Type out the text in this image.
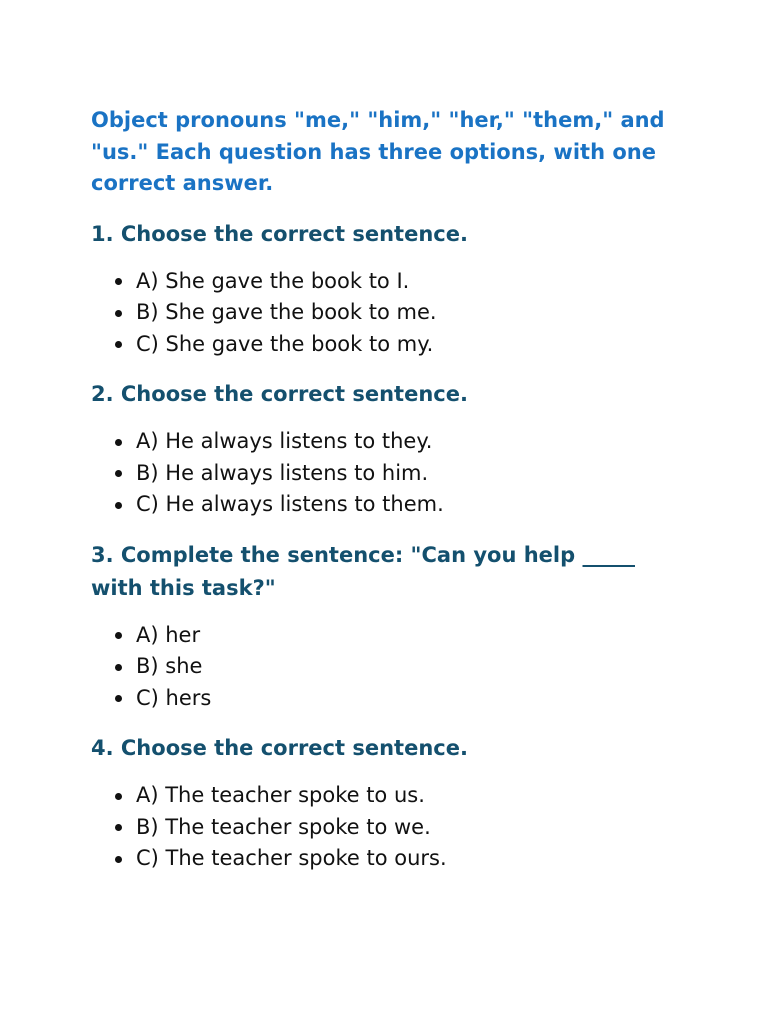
Object pronouns "me," "him," "her," "them," and "us." Each question has three options, with one correct answer.

1. Choose the correct sentence.
A) She gave the book to I.
B) She gave the book to me.
C) She gave the book to my.
2. Choose the correct sentence.
A) He always listens to they.
B) He always listens to him.
C) He always listens to them.
3. Complete the sentence: "Can you help _____ with this task?"
A) her
B) she
C) hers
4. Choose the correct sentence.
A) The teacher spoke to us.
B) The teacher spoke to we.
C) The teacher spoke to ours.
